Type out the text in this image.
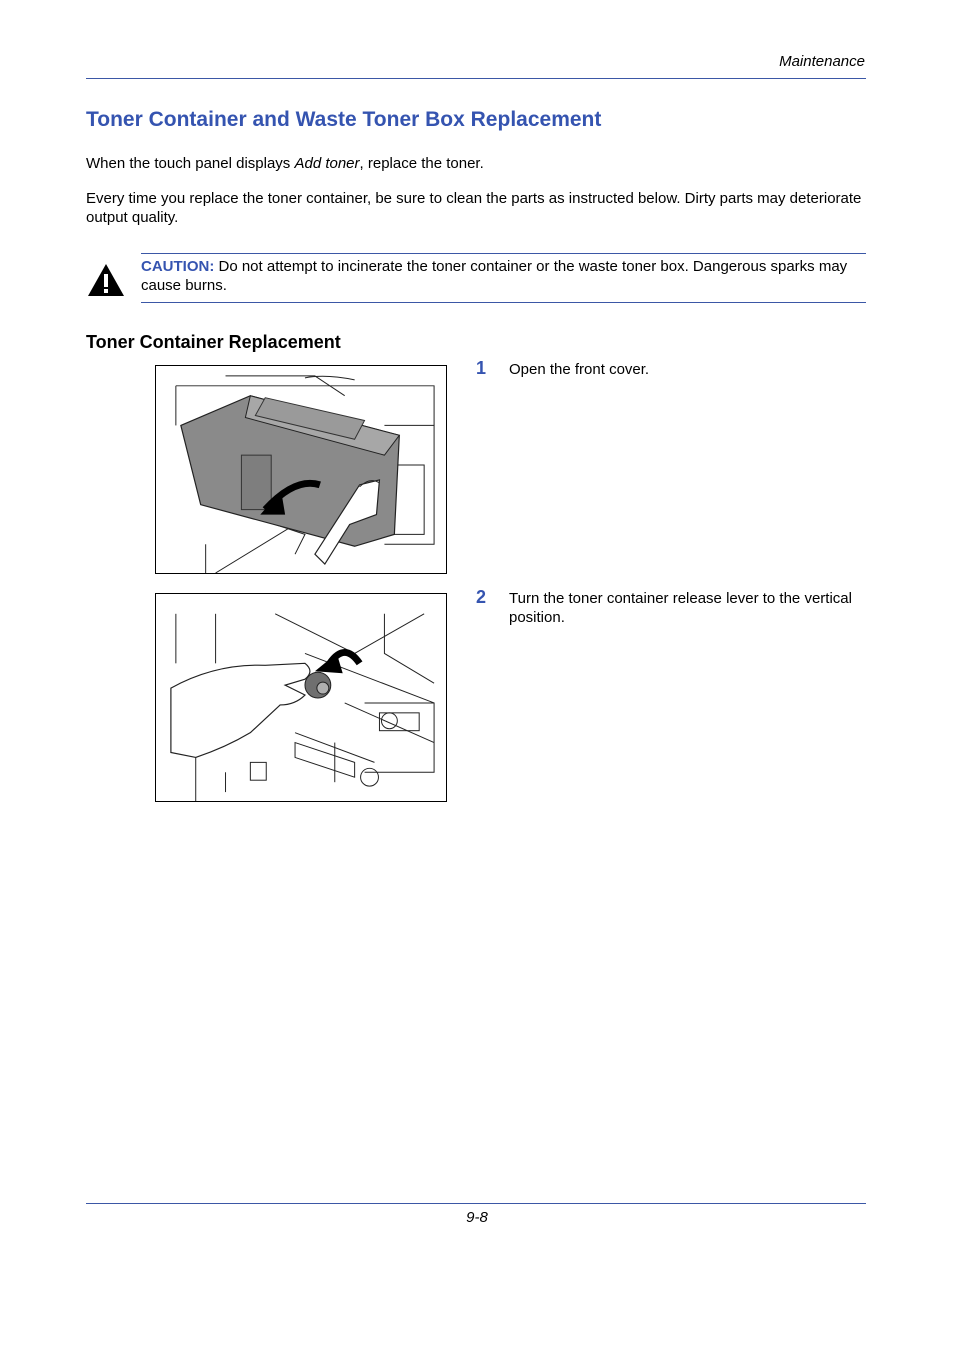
Maintenance
Toner Container and Waste Toner Box Replacement

When the touch panel displays Add toner, replace the toner.

Every time you replace the toner container, be sure to clean the parts as instructed below. Dirty parts may deteriorate output quality.

CAUTION: Do not attempt to incinerate the toner container or the waste toner box. Dangerous sparks may cause burns.

Toner Container Replacement
1 Open the front cover.

2 Turn the toner container release lever to the vertical position.

9-8
